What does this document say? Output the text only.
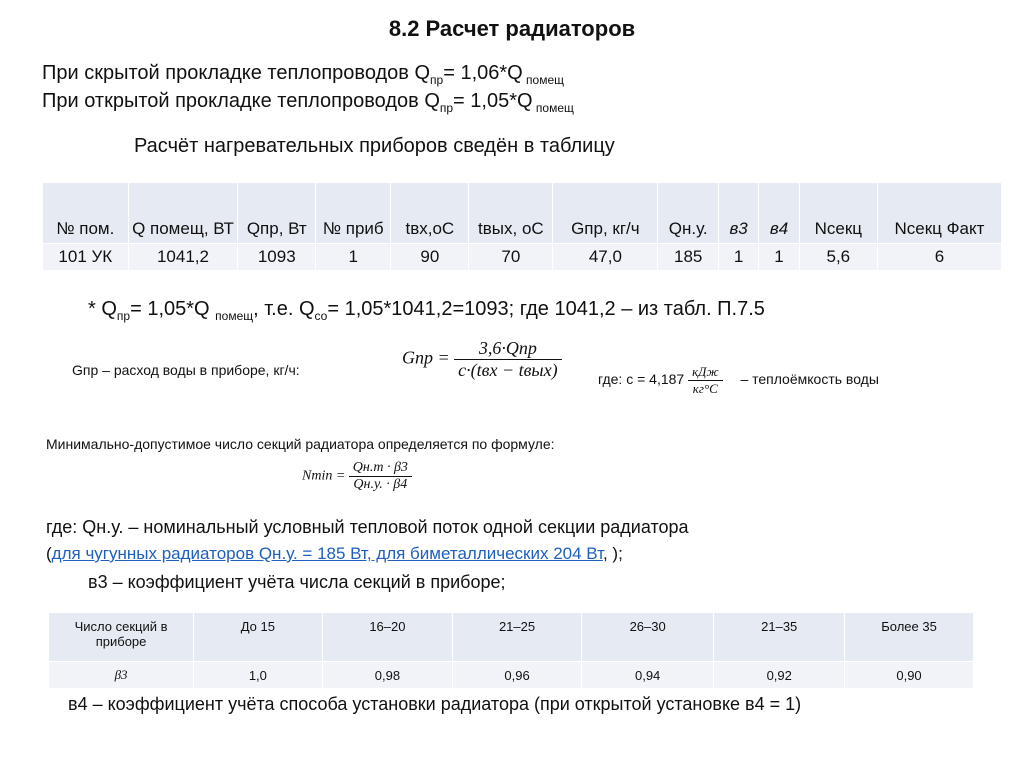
8.2 Расчет радиаторов
При скрытой прокладке теплопроводов $Q_{пр}= 1,06*Q$ $_{помещ}$
При открытой прокладке теплопроводов $Q_{пр}= 1,05*Q$ $_{помещ}$
Расчёт нагревательных приборов сведён в таблицу
№ пом.	Q помещ, ВТ	Qпр, Вт	№ приб	tвх,оС	tвых, оС	Gпр, кг/ч	Qн.у.	в3	в4	Nсекц	Nсекц Факт
101 УК	1041,2	1093	1	90	70	47,0	185	1	1	5,6	6
* $Q_{пр}= 1,05*Q$ $_{помещ}$, т.е. $Q_{со}= 1,05*1041,2=1093$; где 1041,2 – из табл. П.7.5
Gпр – расход воды в приборе, кг/ч:
Gпр = $\frac{\text{3,6·Qпр}}{\text{c·(tвх − tвых)}}$	где: $c = 4,187 \frac{\text{кДж}}{кг^\circ С}$ – теплоёмкость воды
Минимально-допустимое число секций радиатора определяется по формуле:
$Nmin = \frac{Qн.т \cdot \beta 3}{Qн.у. \cdot \beta 4}$
где: Qн.у. – номинальный условный тепловой поток одной секции радиатора
(для чугунных радиаторов Qн.у. = 185 Вт, для биметаллических 204 Вт, );
в3 – коэффициент учёта числа секций в приборе;
Число секций в приборе	До 15	16–20	21–25	26–30	21–35	Более 35
β3	1,0	0,98	0,96	0,94	0,92	0,90
в4 – коэффициент учёта способа установки радиатора (при открытой установке в4 = 1)
